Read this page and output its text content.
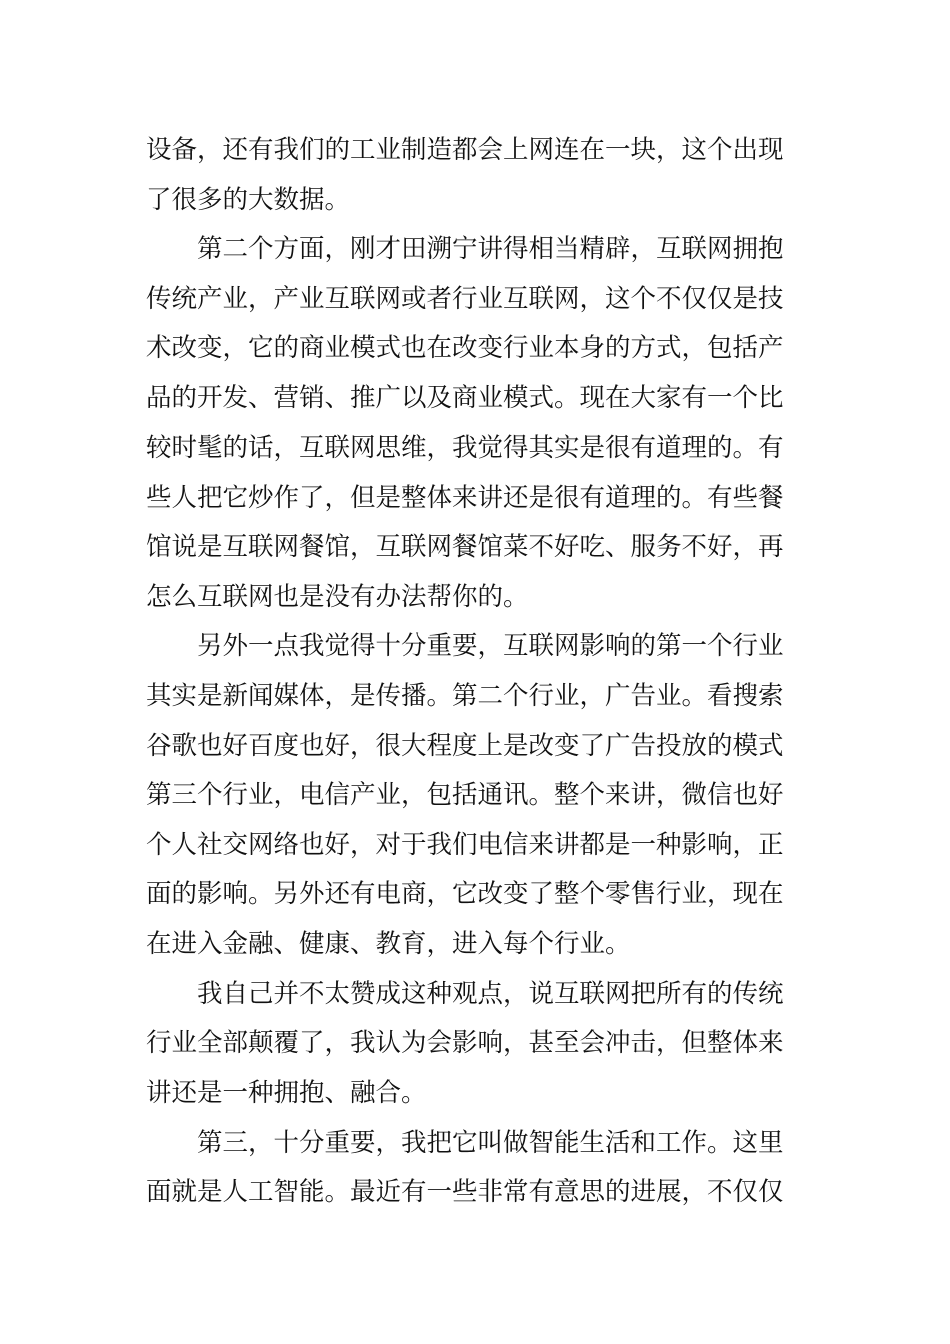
设备，还有我们的工业制造都会上网连在一块，这个出现
了很多的大数据。
　　第二个方面，刚才田溯宁讲得相当精辟，互联网拥抱
传统产业，产业互联网或者行业互联网，这个不仅仅是技
术改变，它的商业模式也在改变行业本身的方式，包括产
品的开发、营销、推广以及商业模式。现在大家有一个比
较时髦的话，互联网思维，我觉得其实是很有道理的。有
些人把它炒作了，但是整体来讲还是很有道理的。有些餐
馆说是互联网餐馆，互联网餐馆菜不好吃、服务不好，再
怎么互联网也是没有办法帮你的。
　　另外一点我觉得十分重要，互联网影响的第一个行业
其实是新闻媒体，是传播。第二个行业，广告业。看搜索
谷歌也好百度也好，很大程度上是改变了广告投放的模式
第三个行业，电信产业，包括通讯。整个来讲，微信也好
个人社交网络也好，对于我们电信来讲都是一种影响，正
面的影响。另外还有电商，它改变了整个零售行业，现在
在进入金融、健康、教育，进入每个行业。
　　我自己并不太赞成这种观点，说互联网把所有的传统
行业全部颠覆了，我认为会影响，甚至会冲击，但整体来
讲还是一种拥抱、融合。
　　第三，十分重要，我把它叫做智能生活和工作。这里
面就是人工智能。最近有一些非常有意思的进展，不仅仅
